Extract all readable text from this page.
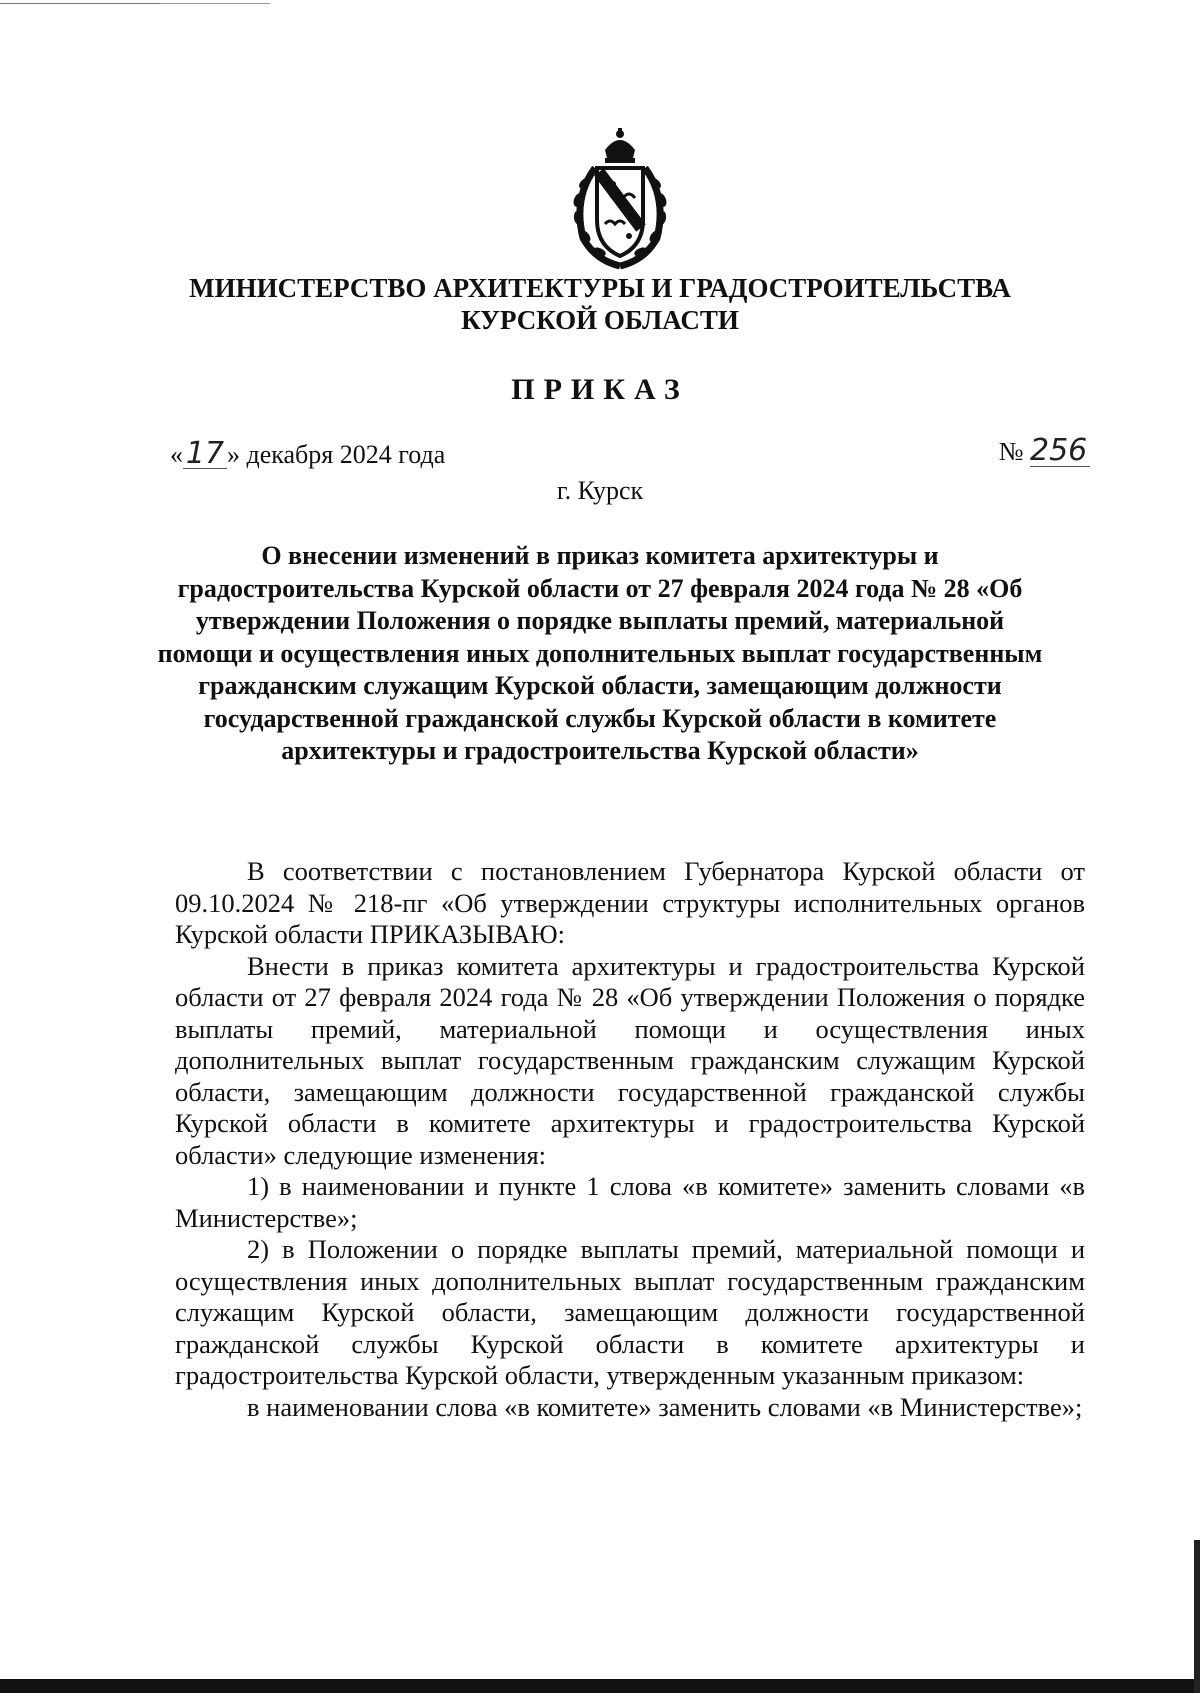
МИНИСТЕРСТВО АРХИТЕКТУРЫ И ГРАДОСТРОИТЕЛЬСТВА
КУРСКОЙ ОБЛАСТИ
ПРИКАЗ
«17 » декабря 2024 года	№ 256
г. Курск
О внесении изменений в приказ комитета архитектуры и градостроительства Курской области от 27 февраля 2024 года № 28 «Об утверждении Положения о порядке выплаты премий, материальной помощи и осуществления иных дополнительных выплат государственным гражданским служащим Курской области, замещающим должности государственной гражданской службы Курской области в комитете архитектуры и градостроительства Курской области»

В соответствии с постановлением Губернатора Курской области от 09.10.2024 № 218-пг «Об утверждении структуры исполнительных органов Курской области ПРИКАЗЫВАЮ:

Внести в приказ комитета архитектуры и градостроительства Курской области от 27 февраля 2024 года № 28 «Об утверждении Положения о порядке выплаты премий, материальной помощи и осуществления иных дополнительных выплат государственным гражданским служащим Курской области, замещающим должности государственной гражданской службы Курской области в комитете архитектуры и градостроительства Курской области» следующие изменения:

1) в наименовании и пункте 1 слова «в комитете» заменить словами «в Министерстве»;

2) в Положении о порядке выплаты премий, материальной помощи и осуществления иных дополнительных выплат государственным гражданским служащим Курской области, замещающим должности государственной гражданской службы Курской области в комитете архитектуры и градостроительства Курской области, утвержденным указанным приказом:

в наименовании слова «в комитете» заменить словами «в Министерстве»;
